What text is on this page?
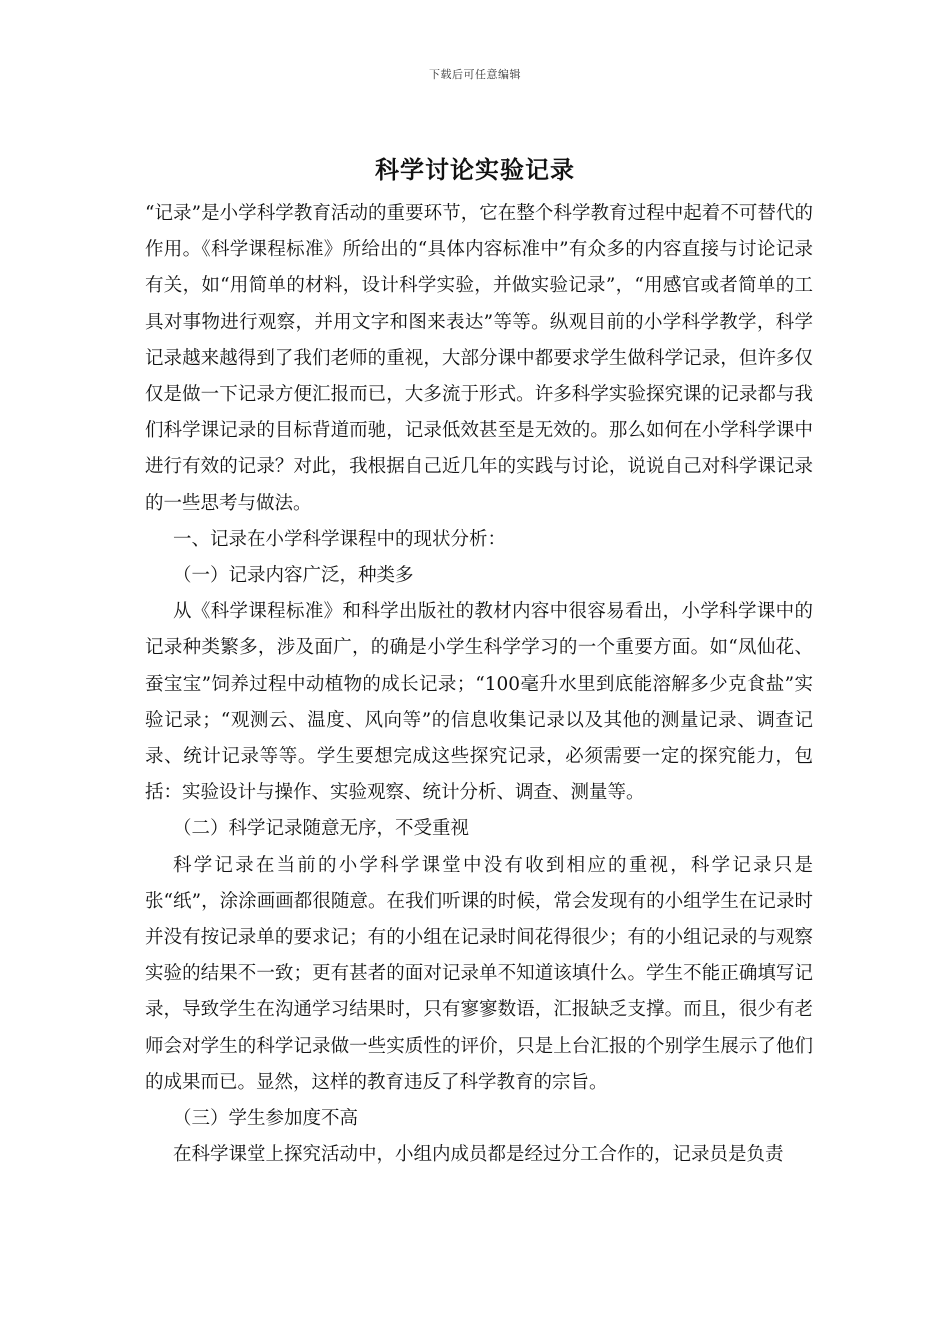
下载后可任意编辑
科学讨论实验记录

“记录”是小学科学教育活动的重要环节，它在整个科学教育过程中起着不可替代的作用。《科学课程标准》所给出的“具体内容标准中”有众多的内容直接与讨论记录有关，如“用简单的材料，设计科学实验，并做实验记录”，“用感官或者简单的工具对事物进行观察，并用文字和图来表达”等等。纵观目前的小学科学教学，科学记录越来越得到了我们老师的重视，大部分课中都要求学生做科学记录，但许多仅仅是做一下记录方便汇报而已，大多流于形式。许多科学实验探究课的记录都与我们科学课记录的目标背道而驰，记录低效甚至是无效的。那么如何在小学科学课中进行有效的记录？对此，我根据自己近几年的实践与讨论，说说自己对科学课记录的一些思考与做法。

一、记录在小学科学课程中的现状分析：

（一）记录内容广泛，种类多

从《科学课程标准》和科学出版社的教材内容中很容易看出，小学科学课中的记录种类繁多，涉及面广，的确是小学生科学学习的一个重要方面。如“凤仙花、蚕宝宝”饲养过程中动植物的成长记录；“100毫升水里到底能溶解多少克食盐”实验记录；“观测云、温度、风向等”的信息收集记录以及其他的测量记录、调查记录、统计记录等等。学生要想完成这些探究记录，必须需要一定的探究能力，包括：实验设计与操作、实验观察、统计分析、调查、测量等。

（二）科学记录随意无序，不受重视

科学记录在当前的小学科学课堂中没有收到相应的重视，科学记录只是张“纸”，涂涂画画都很随意。在我们听课的时候，常会发现有的小组学生在记录时并没有按记录单的要求记；有的小组在记录时间花得很少；有的小组记录的与观察实验的结果不一致；更有甚者的面对记录单不知道该填什么。学生不能正确填写记录，导致学生在沟通学习结果时，只有寥寥数语，汇报缺乏支撑。而且，很少有老师会对学生的科学记录做一些实质性的评价，只是上台汇报的个别学生展示了他们的成果而已。显然，这样的教育违反了科学教育的宗旨。

（三）学生参加度不高

在科学课堂上探究活动中，小组内成员都是经过分工合作的，记录员是负责
